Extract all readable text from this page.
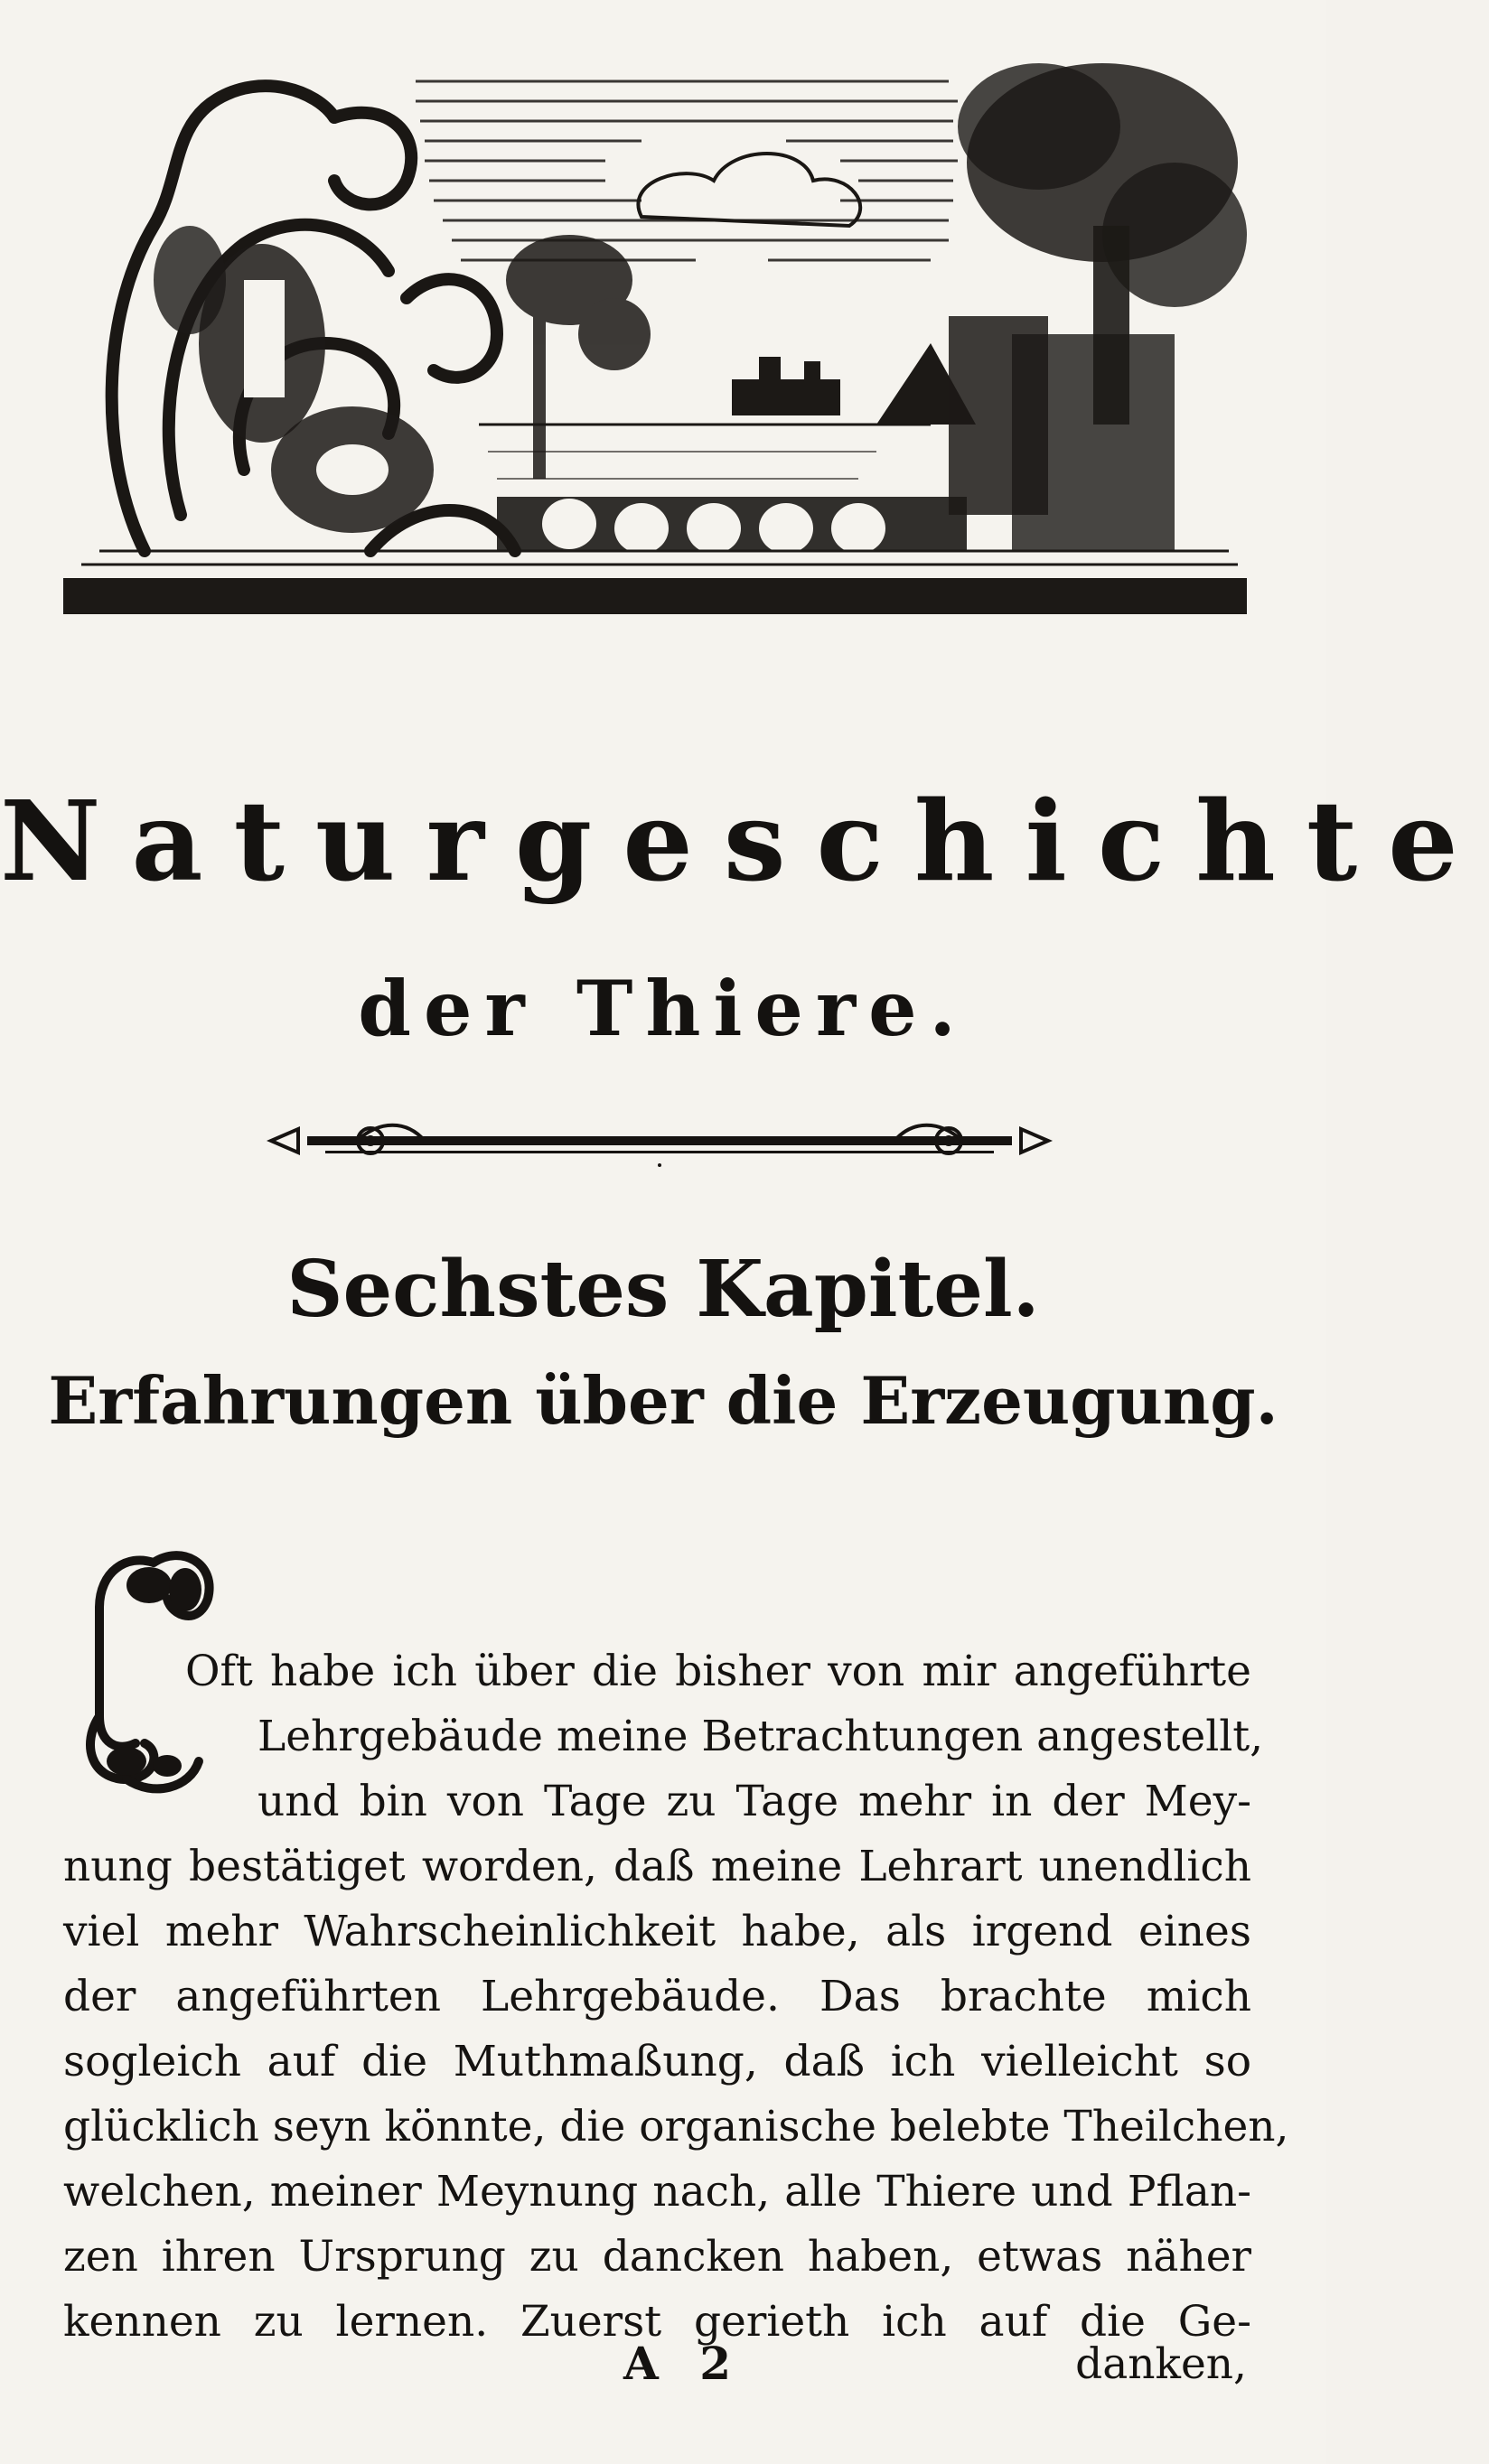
Naturgeschichte
der Thiere.
Sechstes Kapitel.
Erfahrungen über die Erzeugung.
Oft habe ich über die bisher von mir angeführte
Lehrgebäude meine Betrachtungen angestellt,
und bin von Tage zu Tage mehr in der Mey-
nung bestätiget worden, daß meine Lehrart unendlich
viel mehr Wahrscheinlichkeit habe, als irgend eines
der angeführten Lehrgebäude. Das brachte mich
sogleich auf die Muthmaßung, daß ich vielleicht so
glücklich seyn könnte, die organische belebte Theilchen,
welchen, meiner Meynung nach, alle Thiere und Pflan-
zen ihren Ursprung zu dancken haben, etwas näher
kennen zu lernen. Zuerst gerieth ich auf die Ge-
A 2	danken,
